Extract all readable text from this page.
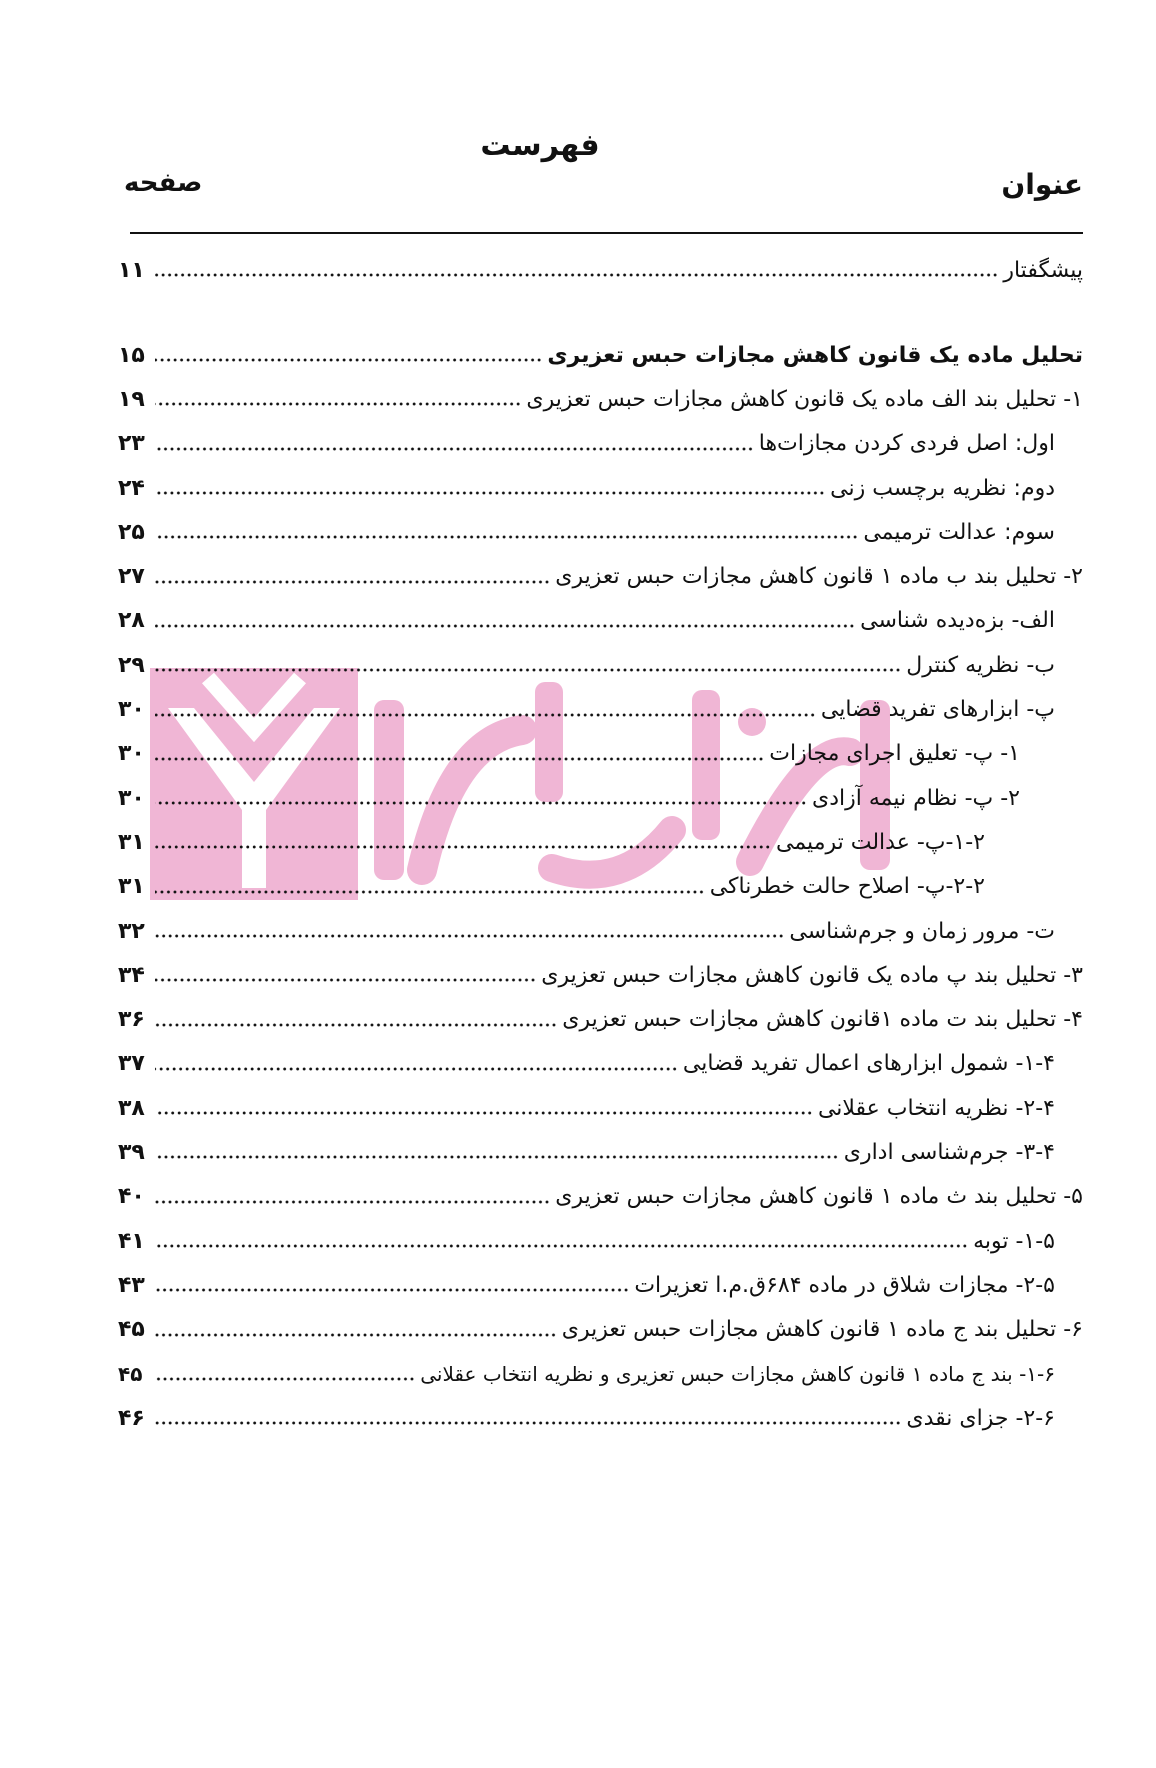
فهرست
عنوان
صفحه
پیشگفتار
۱۱
تحلیل ماده یک قانون کاهش مجازات حبس تعزیری
۱۵
۱- تحلیل بند الف ماده یک قانون کاهش مجازات حبس تعزیری
۱۹
اول: اصل فردی کردن مجازات‌ها
۲۳
دوم: نظریه برچسب زنی
۲۴
سوم: عدالت ترمیمی
۲۵
۲- تحلیل بند ب ماده ۱ قانون کاهش مجازات حبس تعزیری
۲۷
الف- بزه‌دیده شناسی
۲۸
ب- نظریه کنترل
۲۹
پ- ابزارهای تفرید قضایی
۳۰
۱- پ- تعلیق اجرای مجازات
۳۰
۲- پ- نظام نیمه آزادی
۳۰
۱-۲-پ- عدالت ترمیمی
۳۱
۲-۲-پ- اصلاح حالت خطرناکی
۳۱
ت- مرور زمان و جرم‌شناسی
۳۲
۳- تحلیل بند پ ماده یک قانون کاهش مجازات حبس تعزیری
۳۴
۴- تحلیل بند ت ماده ۱قانون کاهش مجازات حبس تعزیری
۳۶
۱-۴- شمول ابزارهای اعمال تفرید قضایی
۳۷
۲-۴- نظریه انتخاب عقلانی
۳۸
۳-۴- جرم‌شناسی اداری
۳۹
۵- تحلیل بند ث ماده ۱ قانون کاهش مجازات حبس تعزیری
۴۰
۱-۵- توبه
۴۱
۲-۵- مجازات شلاق در ماده ۶۸۴ق.م.ا تعزیرات
۴۳
۶- تحلیل بند ج ماده ۱ قانون کاهش مجازات حبس تعزیری
۴۵
۱-۶- بند ج ماده ۱ قانون کاهش مجازات حبس تعزیری و نظریه انتخاب عقلانی
۴۵
۲-۶- جزای نقدی
۴۶
